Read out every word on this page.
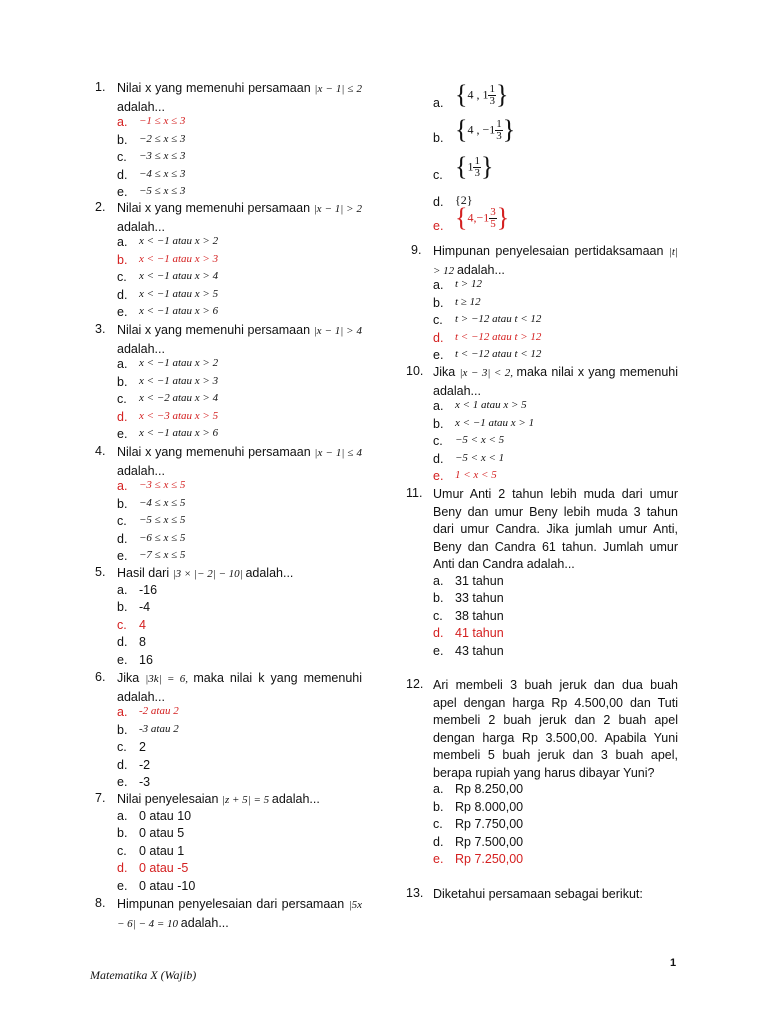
1. Nilai x yang memenuhi persamaan |x − 1| ≤ 2 adalah...

a. −1 ≤ x ≤ 3
b. −2 ≤ x ≤ 3
c. −3 ≤ x ≤ 3
d. −4 ≤ x ≤ 3
e. −5 ≤ x ≤ 3
2. Nilai x yang memenuhi persamaan |x − 1| > 2 adalah...

a. x < −1 atau x > 2
b. x < −1 atau x > 3
c. x < −1 atau x > 4
d. x < −1 atau x > 5
e. x < −1 atau x > 6
3. Nilai x yang memenuhi persamaan |x − 1| > 4 adalah...

a. x < −1 atau x > 2
b. x < −1 atau x > 3
c. x < −2 atau x > 4
d. x < −3 atau x > 5
e. x < −1 atau x > 6
4. Nilai x yang memenuhi persamaan |x − 1| ≤ 4 adalah...

a. −3 ≤ x ≤ 5
b. −4 ≤ x ≤ 5
c. −5 ≤ x ≤ 5
d. −6 ≤ x ≤ 5
e. −7 ≤ x ≤ 5
5. Hasil dari |3 × |− 2| − 10| adalah...

a. -16
b. -4
c. 4
d. 8
e. 16
6. Jika |3k| = 6, maka nilai k yang memenuhi adalah...

a. -2 atau 2
b. -3 atau 2
c. 2
d. -2
e. -3
7. Nilai penyelesaian |z + 5| = 5 adalah...

a. 0 atau 10
b. 0 atau 5
c. 0 atau 1
d. 0 atau -5
e. 0 atau -10
8. Himpunan penyelesaian dari persamaan |5x − 6| − 4 = 10 adalah...

9. Himpunan penyelesaian pertidaksamaan |t| > 12 adalah...

a. t > 12
b. t ≥ 12
c. t > −12 atau t < 12
d. t < −12 atau t > 12
e. t < −12 atau t < 12
10. Jika |x − 3| < 2, maka nilai x yang memenuhi adalah...

a. x < 1 atau x > 5
b. x < −1 atau x > 1
c. −5 < x < 5
d. −5 < x < 1
e. 1 < x < 5
11. Umur Anti 2 tahun lebih muda dari umur Beny dan umur Beny lebih muda 3 tahun dari umur Candra. Jika jumlah umur Anti, Beny dan Candra 61 tahun. Jumlah umur Anti dan Candra adalah...

a. 31 tahun
b. 33 tahun
c. 38 tahun
d. 41 tahun
e. 43 tahun
12. Ari membeli 3 buah jeruk dan dua buah apel dengan harga Rp 4.500,00 dan Tuti membeli 2 buah jeruk dan 2 buah apel dengan harga Rp 3.500,00. Apabila Yuni membeli 5 buah jeruk dan 3 buah apel, berapa rupiah yang harus dibayar Yuni?

a. Rp 8.250,00
b. Rp 8.000,00
c. Rp 7.750,00
d. Rp 7.500,00
e. Rp 7.250,00
13. Diketahui persamaan sebagai berikut:

a. {4 , $1 \frac{1}{3}$ }
b. {4 , $-1 \frac{1}{3}$ }
c. {$1 \frac{1}{3}$ }
d. {2}
e. {$4,-1 \frac{3}{5}$ }
Matematika X (Wajib)
1
